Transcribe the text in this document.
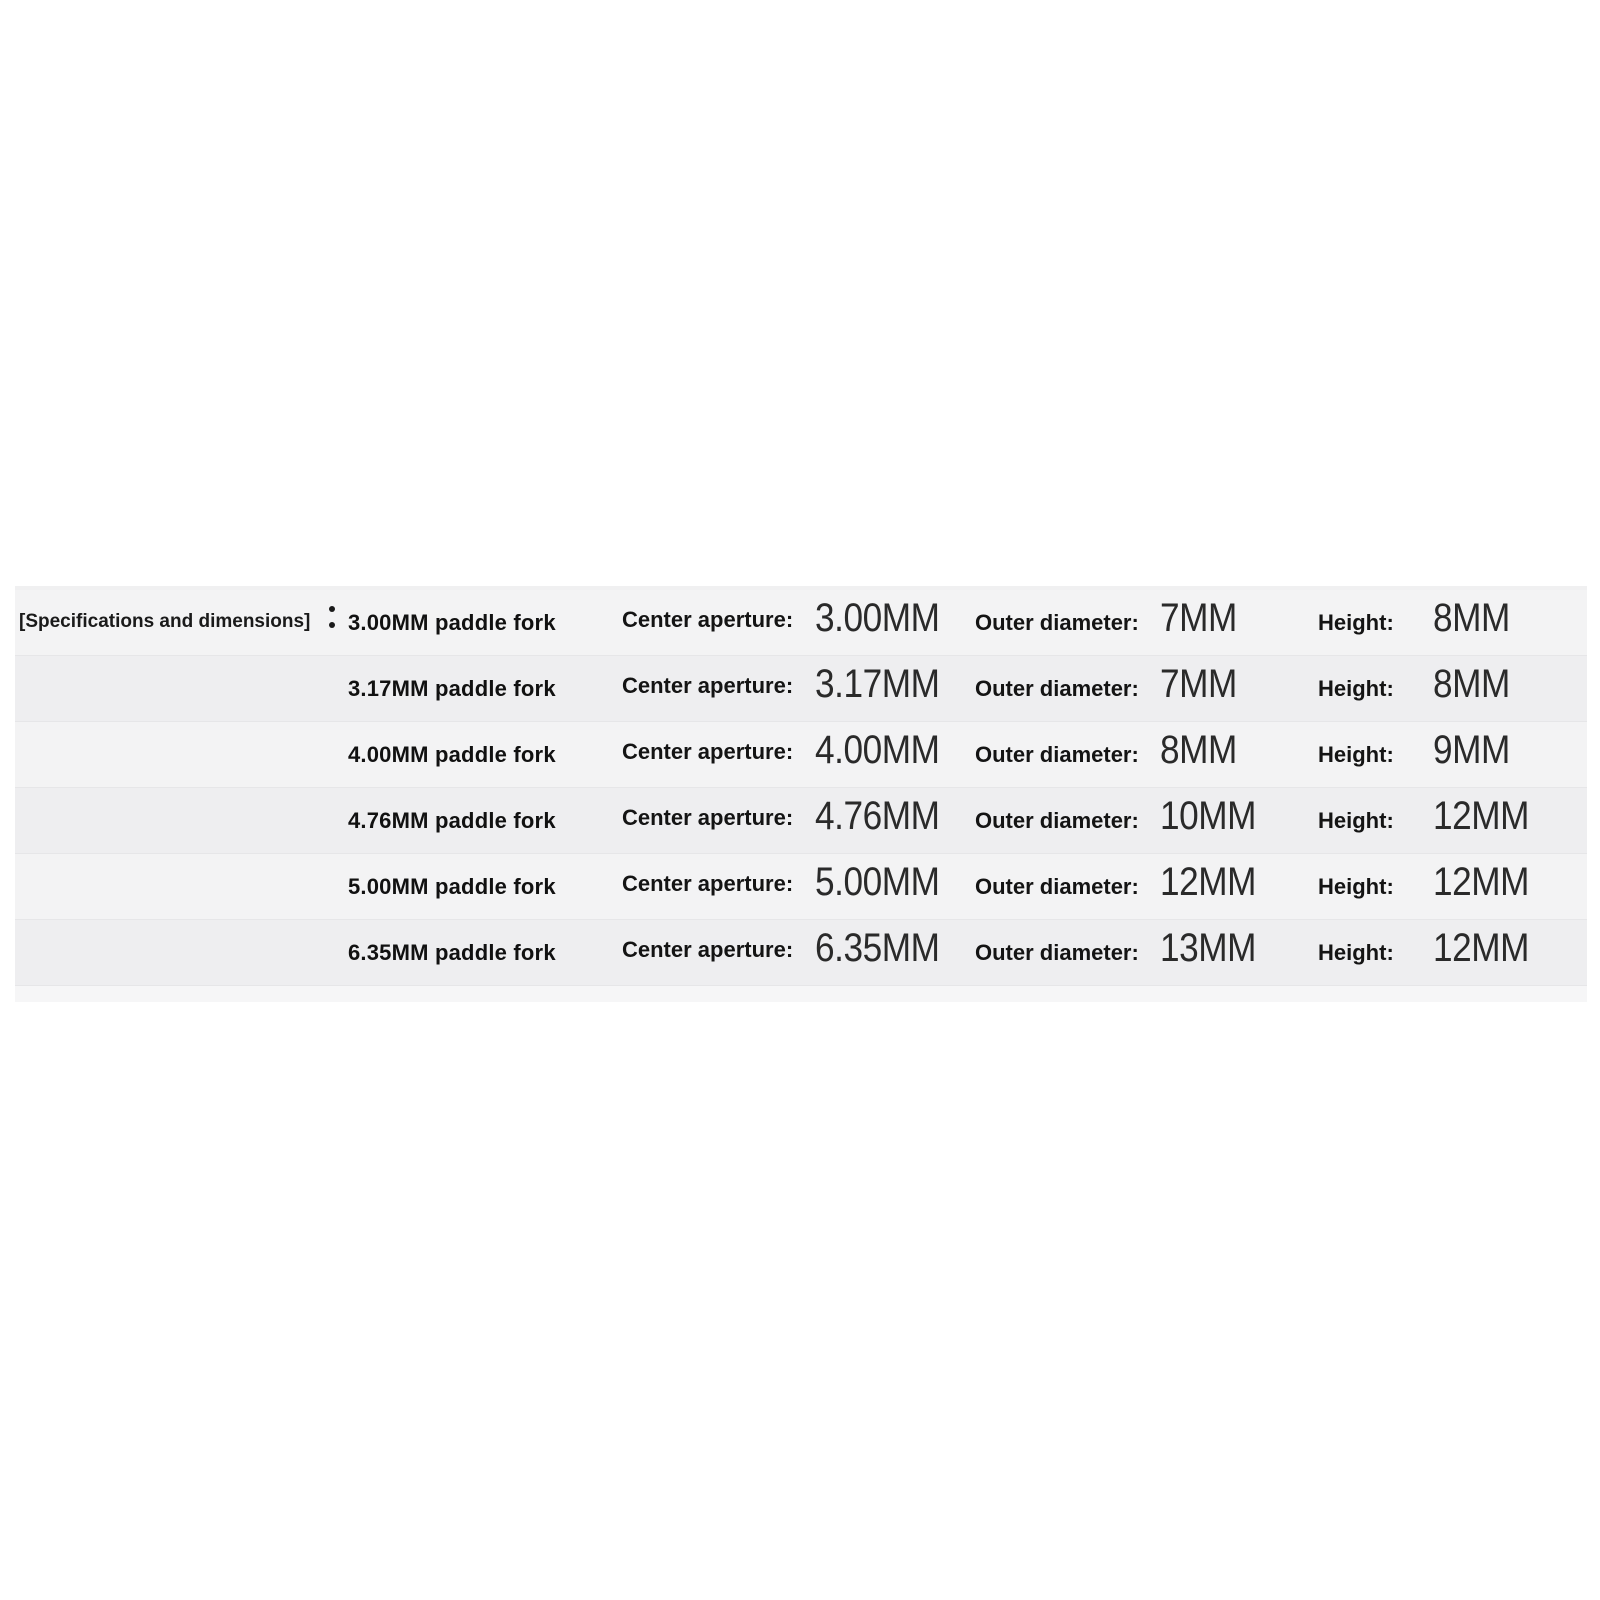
[Specifications and dimensions] 3.00MM paddle fork	Center aperture: 3.00MM Outer diameter: 7MM	Height: 8MM
3.17MM paddle fork	Center aperture: 3.17MM Outer diameter: 7MM	Height: 8MM
4.00MM paddle fork	Center aperture: 4.00MM Outer diameter: 8MM	Height: 9MM
4.76MM paddle fork	Center aperture: 4.76MM Outer diameter: 10MM	Height: 12MM
5.00MM paddle fork	Center aperture: 5.00MM Outer diameter: 12MM	Height: 12MM
6.35MM paddle fork	Center aperture: 6.35MM Outer diameter: 13MM	Height: 12MM
